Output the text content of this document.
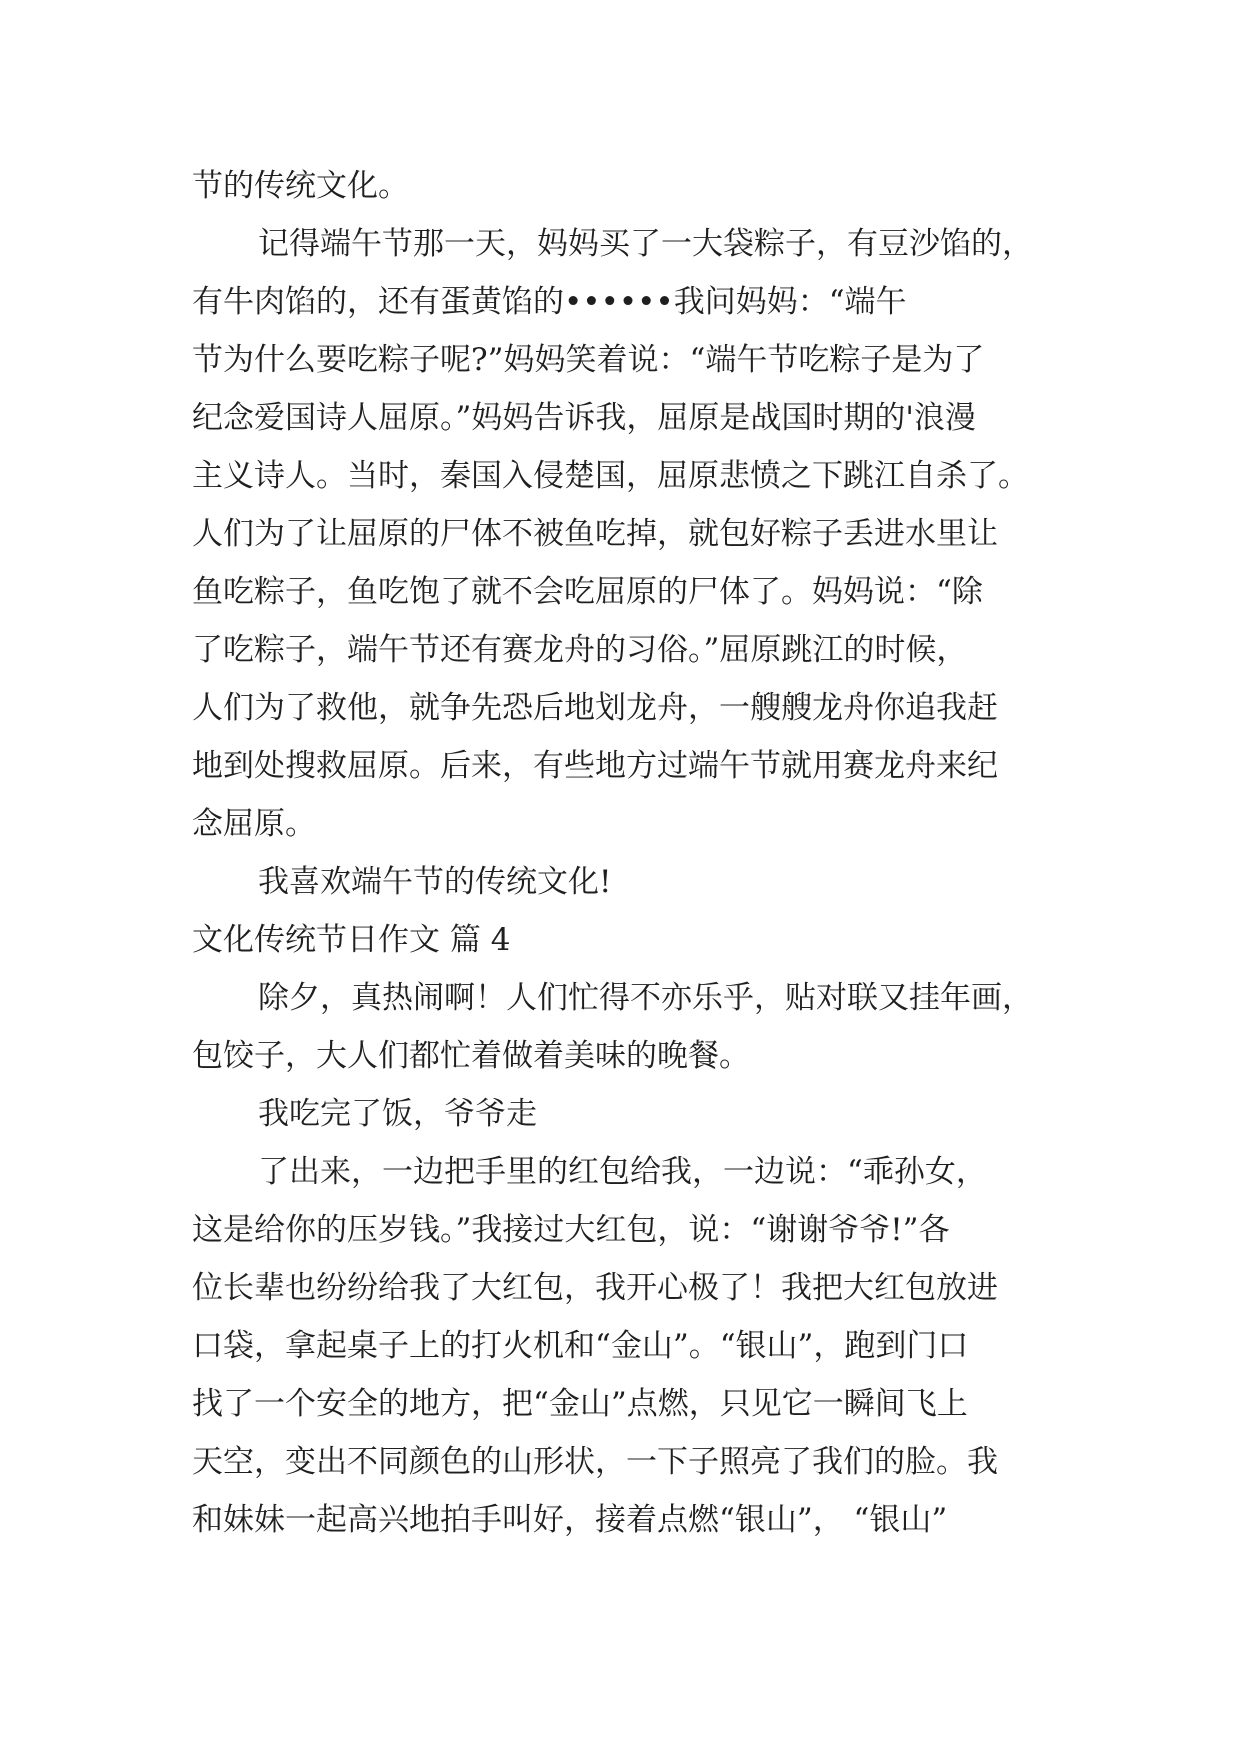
节的传统文化。
记得端午节那一天，妈妈买了一大袋粽子，有豆沙馅的，
有牛肉馅的，还有蛋黄馅的••••••我问妈妈：“端午
节为什么要吃粽子呢?”妈妈笑着说：“端午节吃粽子是为了
纪念爱国诗人屈原。”妈妈告诉我，屈原是战国时期的'浪漫
主义诗人。当时，秦国入侵楚国，屈原悲愤之下跳江自杀了。
人们为了让屈原的尸体不被鱼吃掉，就包好粽子丢进水里让
鱼吃粽子，鱼吃饱了就不会吃屈原的尸体了。妈妈说：“除
了吃粽子，端午节还有赛龙舟的习俗。”屈原跳江的时候，
人们为了救他，就争先恐后地划龙舟，一艘艘龙舟你追我赶
地到处搜救屈原。后来，有些地方过端午节就用赛龙舟来纪
念屈原。
我喜欢端午节的传统文化!
文化传统节日作文 篇 4
除夕，真热闹啊！人们忙得不亦乐乎，贴对联又挂年画，
包饺子，大人们都忙着做着美味的晚餐。
我吃完了饭，爷爷走
了出来，一边把手里的红包给我，一边说：“乖孙女，
这是给你的压岁钱。”我接过大红包，说：“谢谢爷爷!”各
位长辈也纷纷给我了大红包，我开心极了！我把大红包放进
口袋，拿起桌子上的打火机和“金山”。“银山”，跑到门口
找了一个安全的地方，把“金山”点燃，只见它一瞬间飞上
天空，变出不同颜色的山形状，一下子照亮了我们的脸。我
和妹妹一起高兴地拍手叫好，接着点燃“银山”， “银山”
